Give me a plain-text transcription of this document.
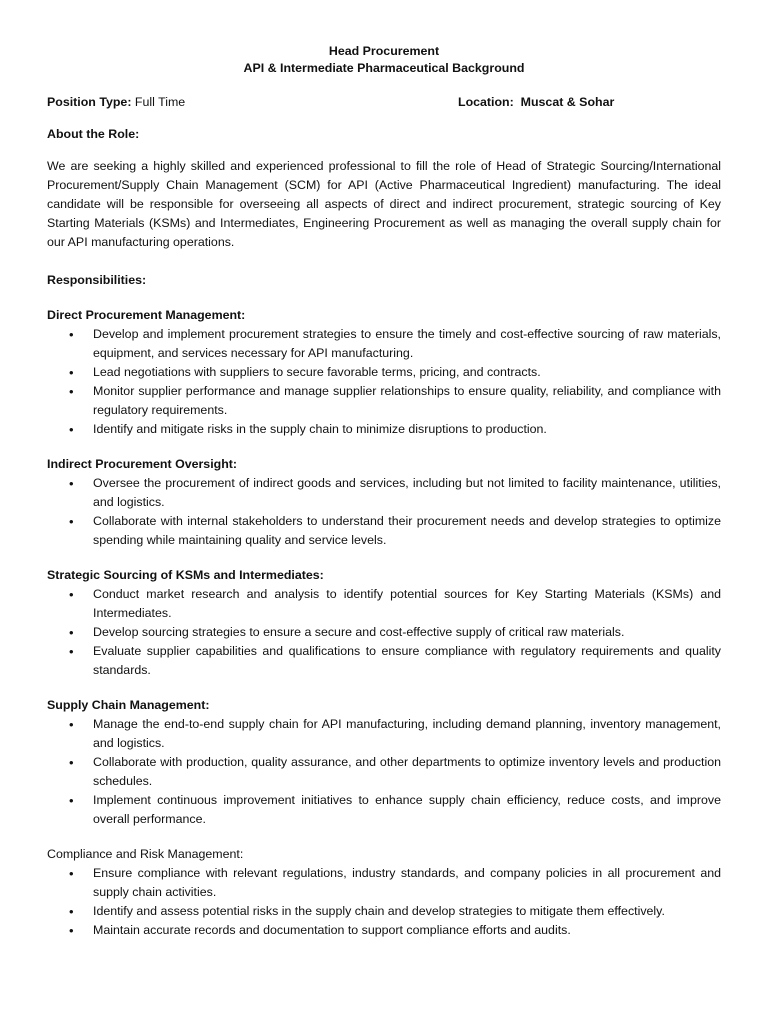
Head Procurement
API & Intermediate Pharmaceutical Background
Position Type: Full Time	Location:  Muscat & Sohar
About the Role:
We are seeking a highly skilled and experienced professional to fill the role of Head of Strategic Sourcing/International Procurement/Supply Chain Management (SCM) for API (Active Pharmaceutical Ingredient) manufacturing. The ideal candidate will be responsible for overseeing all aspects of direct and indirect procurement, strategic sourcing of Key Starting Materials (KSMs) and Intermediates, Engineering Procurement as well as managing the overall supply chain for our API manufacturing operations.
Responsibilities:
Direct Procurement Management:
• Develop and implement procurement strategies to ensure the timely and cost-effective sourcing of raw materials, equipment, and services necessary for API manufacturing.
• Lead negotiations with suppliers to secure favorable terms, pricing, and contracts.
• Monitor supplier performance and manage supplier relationships to ensure quality, reliability, and compliance with regulatory requirements.
• Identify and mitigate risks in the supply chain to minimize disruptions to production.
Indirect Procurement Oversight:
• Oversee the procurement of indirect goods and services, including but not limited to facility maintenance, utilities, and logistics.
• Collaborate with internal stakeholders to understand their procurement needs and develop strategies to optimize spending while maintaining quality and service levels.
Strategic Sourcing of KSMs and Intermediates:
• Conduct market research and analysis to identify potential sources for Key Starting Materials (KSMs) and Intermediates.
• Develop sourcing strategies to ensure a secure and cost-effective supply of critical raw materials.
• Evaluate supplier capabilities and qualifications to ensure compliance with regulatory requirements and quality standards.
Supply Chain Management:
• Manage the end-to-end supply chain for API manufacturing, including demand planning, inventory management, and logistics.
• Collaborate with production, quality assurance, and other departments to optimize inventory levels and production schedules.
• Implement continuous improvement initiatives to enhance supply chain efficiency, reduce costs, and improve overall performance.
Compliance and Risk Management:
• Ensure compliance with relevant regulations, industry standards, and company policies in all procurement and supply chain activities.
• Identify and assess potential risks in the supply chain and develop strategies to mitigate them effectively.
• Maintain accurate records and documentation to support compliance efforts and audits.
